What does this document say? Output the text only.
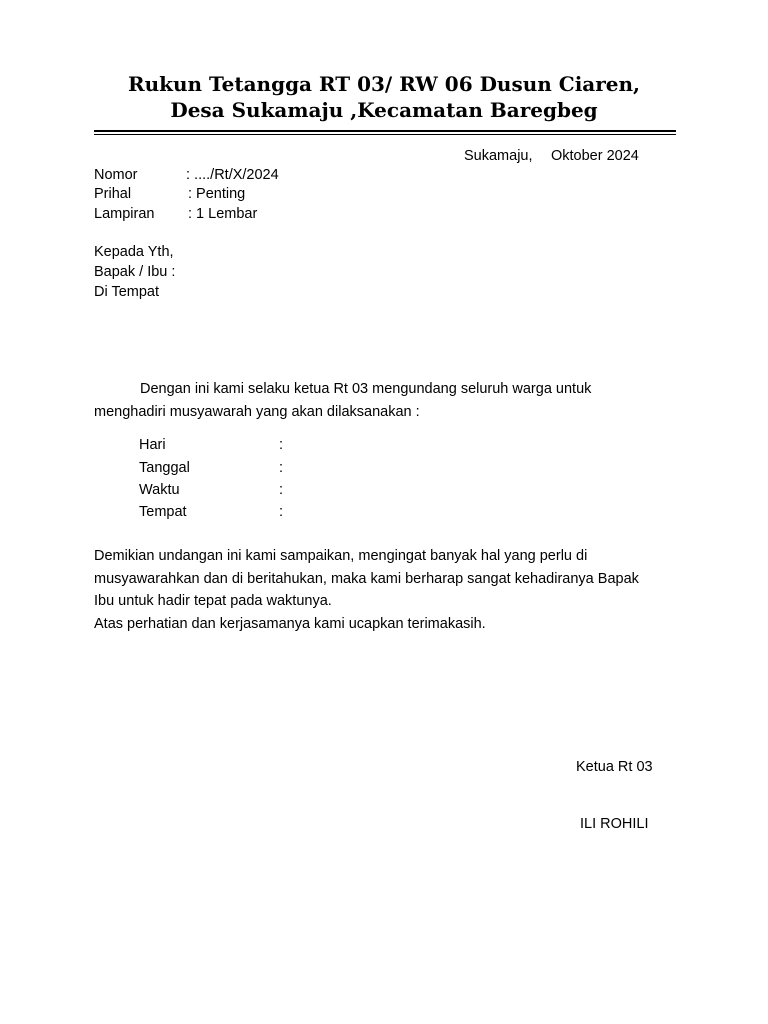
Rukun Tetangga RT 03/ RW 06 Dusun Ciaren,
Desa Sukamaju ,Kecamatan Baregbeg

Sukamaju, Oktober 2024

Nomor	: ..../Rt/X/2024

Prihal	: Penting

Lampiran : 1 Lembar

Kepada Yth,

Bapak / Ibu :

Di Tempat

Dengan ini kami selaku ketua Rt 03 mengundang seluruh warga untuk
menghadiri musyawarah yang akan dilaksanakan :

Hari	:

Tanggal	:

Waktu	:

Tempat	:

Demikian undangan ini kami sampaikan, mengingat banyak hal yang perlu di
musyawarahkan dan di beritahukan, maka kami berharap sangat kehadiranya Bapak
Ibu untuk hadir tepat pada waktunya.
Atas perhatian dan kerjasamanya kami ucapkan terimakasih.

Ketua Rt 03

ILI ROHILI
